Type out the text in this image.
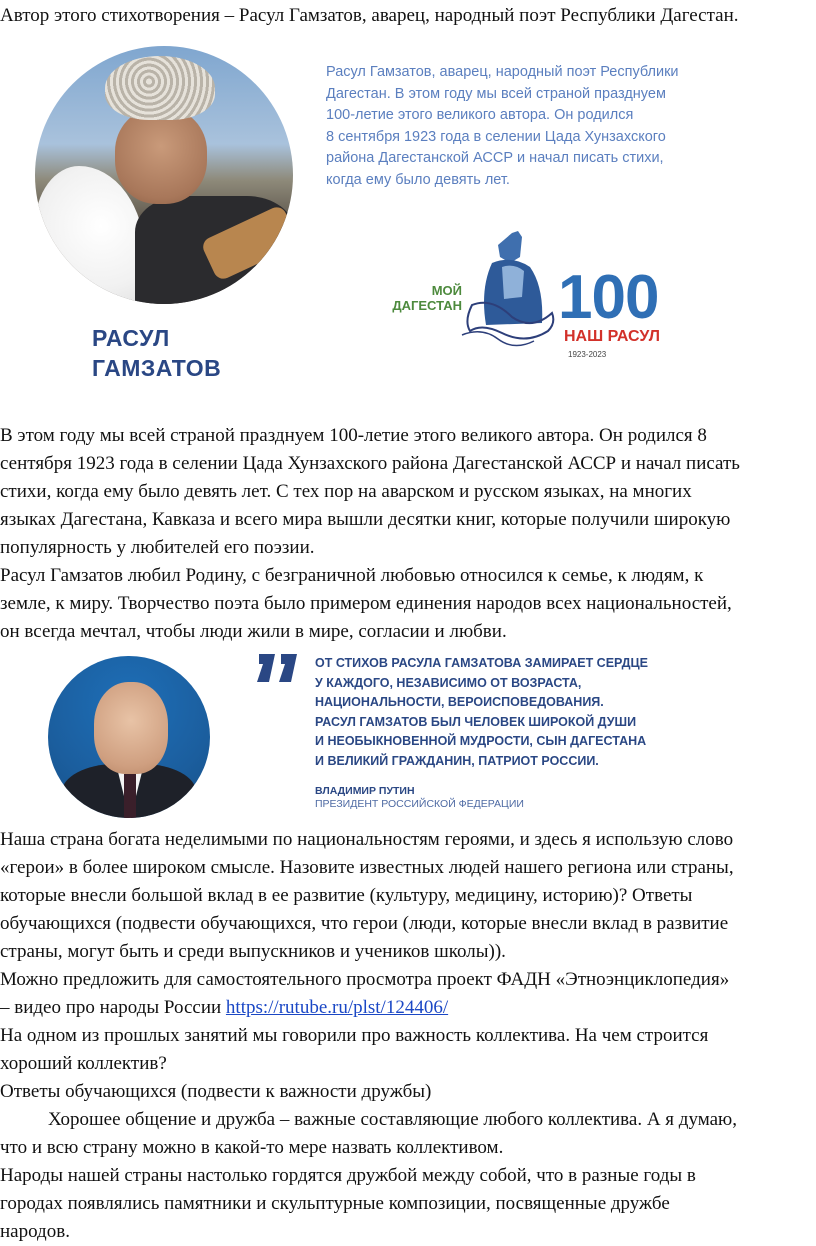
Автор этого стихотворения – Расул Гамзатов, аварец, народный поэт Республики Дагестан.
РАСУЛ
ГАМЗАТОВ
Расул Гамзатов, аварец, народный поэт Республики
Дагестан. В этом году мы всей страной празднуем
100-летие этого великого автора. Он родился
8 сентября 1923 года в селении Цада Хунзахского
района Дагестанской АССР и начал писать стихи,
когда ему было девять лет.
МОЙ
ДАГЕСТАН 100
НАШ РАСУЛ
1923-2023
В этом году мы всей страной празднуем 100-летие этого великого автора. Он родился 8
сентября 1923 года в селении Цада Хунзахского района Дагестанской АССР и начал писать
стихи, когда ему было девять лет. С тех пор на аварском и русском языках, на многих
языках Дагестана, Кавказа и всего мира вышли десятки книг, которые получили широкую
популярность у любителей его поэзии.
Расул Гамзатов любил Родину, с безграничной любовью относился к семье, к людям, к
земле, к миру. Творчество поэта было примером единения народов всех национальностей,
он всегда мечтал, чтобы люди жили в мире, согласии и любви.
ОТ СТИХОВ РАСУЛА ГАМЗАТОВА ЗАМИРАЕТ СЕРДЦЕ
У КАЖДОГО, НЕЗАВИСИМО ОТ ВОЗРАСТА,
НАЦИОНАЛЬНОСТИ, ВЕРОИСПОВЕДОВАНИЯ.
РАСУЛ ГАМЗАТОВ БЫЛ ЧЕЛОВЕК ШИРОКОЙ ДУШИ
И НЕОБЫКНОВЕННОЙ МУДРОСТИ, СЫН ДАГЕСТАНА
И ВЕЛИКИЙ ГРАЖДАНИН, ПАТРИОТ РОССИИ.
ВЛАДИМИР ПУТИН
ПРЕЗИДЕНТ РОССИЙСКОЙ ФЕДЕРАЦИИ
Наша страна богата неделимыми по национальностям героями, и здесь я использую слово
«герои» в более широком смысле. Назовите известных людей нашего региона или страны,
которые внесли большой вклад в ее развитие (культуру, медицину, историю)? Ответы
обучающихся (подвести обучающихся, что герои (люди, которые внесли вклад в развитие
страны, могут быть и среди выпускников и учеников школы)).
Можно предложить для самостоятельного просмотра проект ФАДН «Этноэнциклопедия»
– видео про народы России https://rutube.ru/plst/124406/
На одном из прошлых занятий мы говорили про важность коллектива. На чем строится
хороший коллектив?
Ответы обучающихся (подвести к важности дружбы)
Хорошее общение и дружба – важные составляющие любого коллектива. А я думаю,
что и всю страну можно в какой-то мере назвать коллективом.
Народы нашей страны настолько гордятся дружбой между собой, что в разные годы в
городах появлялись памятники и скульптурные композиции, посвященные дружбе
народов.
